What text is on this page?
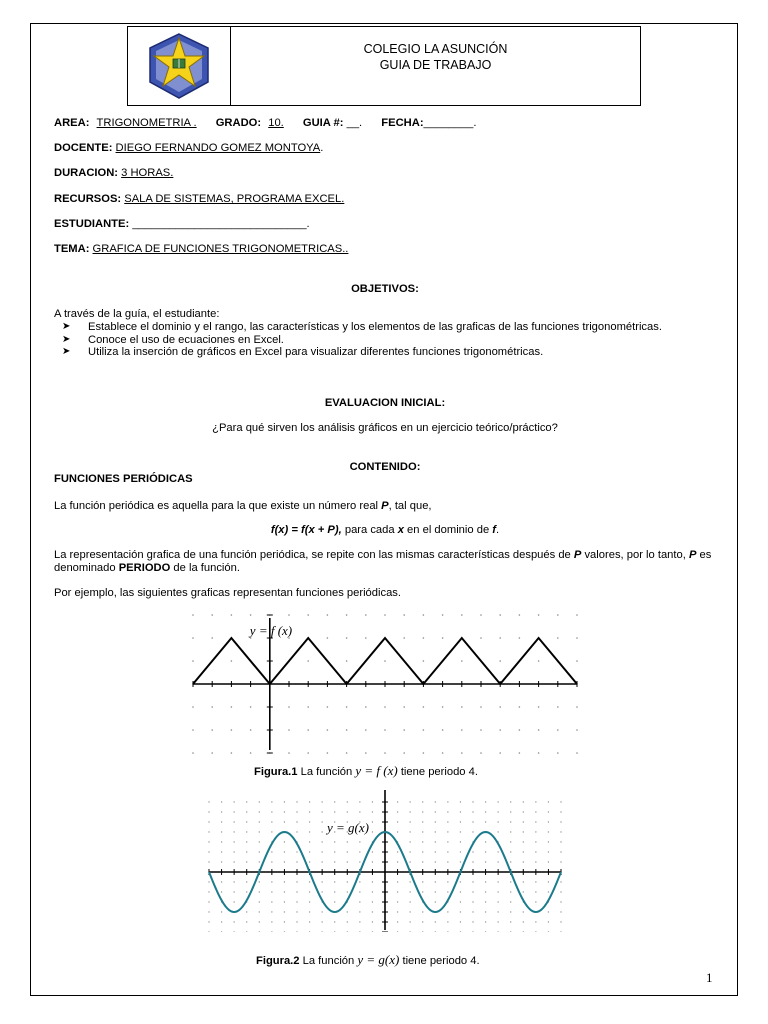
COLEGIO LA ASUNCIÓN
GUIA DE TRABAJO
AREA: TRIGONOMETRIA . GRADO: 10. GUIA #: __. FECHA:________.
DOCENTE: DIEGO FERNANDO GOMEZ MONTOYA.
DURACION: 3 HORAS.
RECURSOS: SALA DE SISTEMAS, PROGRAMA EXCEL.
ESTUDIANTE: ____________________________.
TEMA: GRAFICA DE FUNCIONES TRIGONOMETRICAS..
OBJETIVOS:
A través de la guía, el estudiante:
➤ Establece el dominio y el rango, las características y los elementos de las graficas de las funciones trigonométricas.
➤ Conoce el uso de ecuaciones en Excel.
➤ Utiliza la inserción de gráficos en Excel para visualizar diferentes funciones trigonométricas.
EVALUACION INICIAL:
¿Para qué sirven los análisis gráficos en un ejercicio teórico/práctico?
CONTENIDO:
FUNCIONES PERIÓDICAS
La función periódica es aquella para la que existe un número real P, tal que,
f(x) = f(x + P), para cada x en el dominio de f.
La representación grafica de una función periódica, se repite con las mismas características después de P valores, por lo tanto, P es denominado PERIODO de la función.
Por ejemplo, las siguientes graficas representan funciones periódicas.
y = f (x)
Figura.1 La función y = f (x) tiene periodo 4.
y = g(x)
Figura.2 La función y = g(x) tiene periodo 4.
1
